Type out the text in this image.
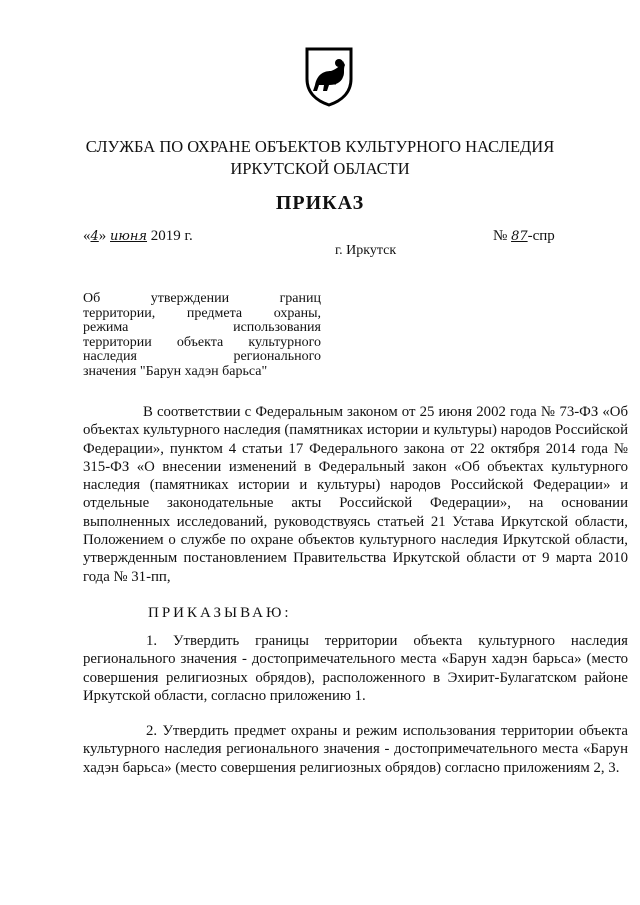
СЛУЖБА ПО ОХРАНЕ ОБЪЕКТОВ КУЛЬТУРНОГО НАСЛЕДИЯ
ИРКУТСКОЙ ОБЛАСТИ
ПРИКАЗ
«4» июня 2019 г.	№ 87-спр
г. Иркутск
Об утверждении границ
территории, предмета охраны,
режима использования
территории объекта культурного
наследия регионального
значения "Барун хадэн барьса"

В соответствии с Федеральным законом от 25 июня 2002 года № 73-ФЗ «Об объектах культурного наследия (памятниках истории и культуры) народов Российской Федерации», пунктом 4 статьи 17 Федерального закона от 22 октября 2014 года № 315-ФЗ «О внесении изменений в Федеральный закон «Об объектах культурного наследия (памятниках истории и культуры) народов Российской Федерации» и отдельные законодательные акты Российской Федерации», на основании выполненных исследований, руководствуясь статьей 21 Устава Иркутской области, Положением о службе по охране объектов культурного наследия Иркутской области, утвержденным постановлением Правительства Иркутской области от 9 марта 2010 года № 31-пп,

ПРИКАЗЫВАЮ:

1. Утвердить границы территории объекта культурного наследия регионального значения - достопримечательного места «Барун хадэн барьса» (место совершения религиозных обрядов), расположенного в Эхирит-Булагатском районе Иркутской области, согласно приложению 1.

2. Утвердить предмет охраны и режим использования территории объекта культурного наследия регионального значения - достопримечательного места «Барун хадэн барьса» (место совершения религиозных обрядов) согласно приложениям 2, 3.
